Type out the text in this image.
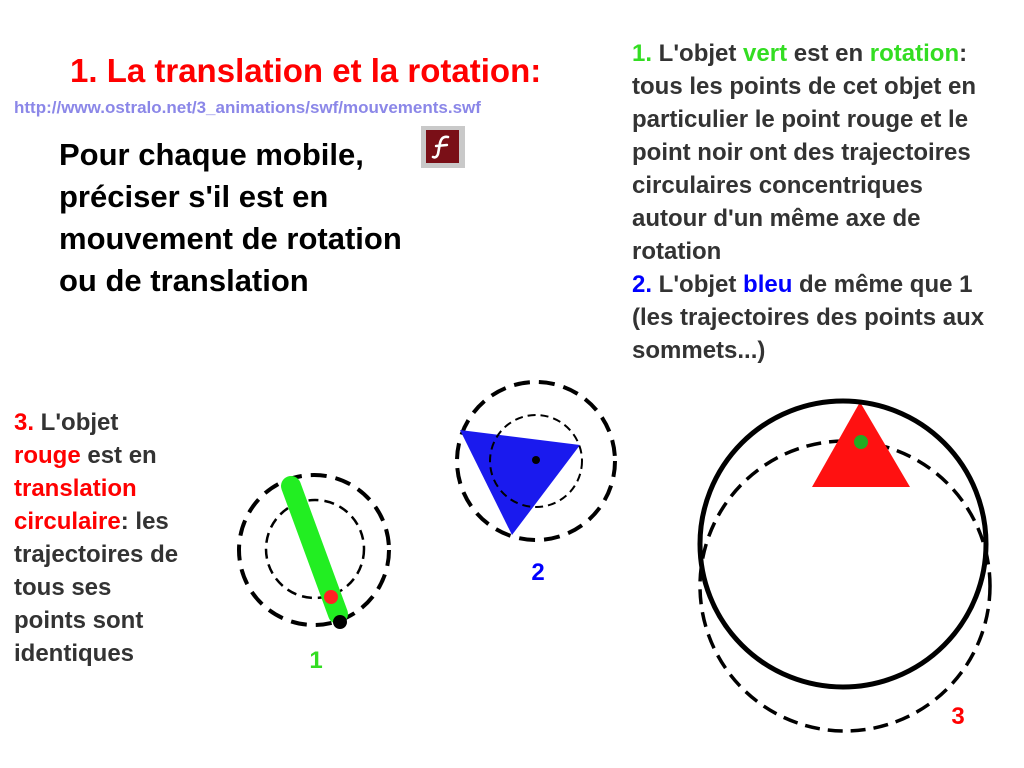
1. La translation et la rotation:
http://www.ostralo.net/3_animations/swf/mouvements.swf
Pour chaque mobile,
préciser s'il est en
mouvement de rotation
ou de translation
1. L'objet vert est en rotation: tous les points de cet objet en particulier le point rouge et le point noir ont des trajectoires circulaires concentriques autour d'un même axe de rotation
2. L'objet bleu de même que 1 (les trajectoires des points aux sommets...)
3. L'objet rouge est en translation circulaire: les trajectoires de tous ses points sont identiques	1
2
3
